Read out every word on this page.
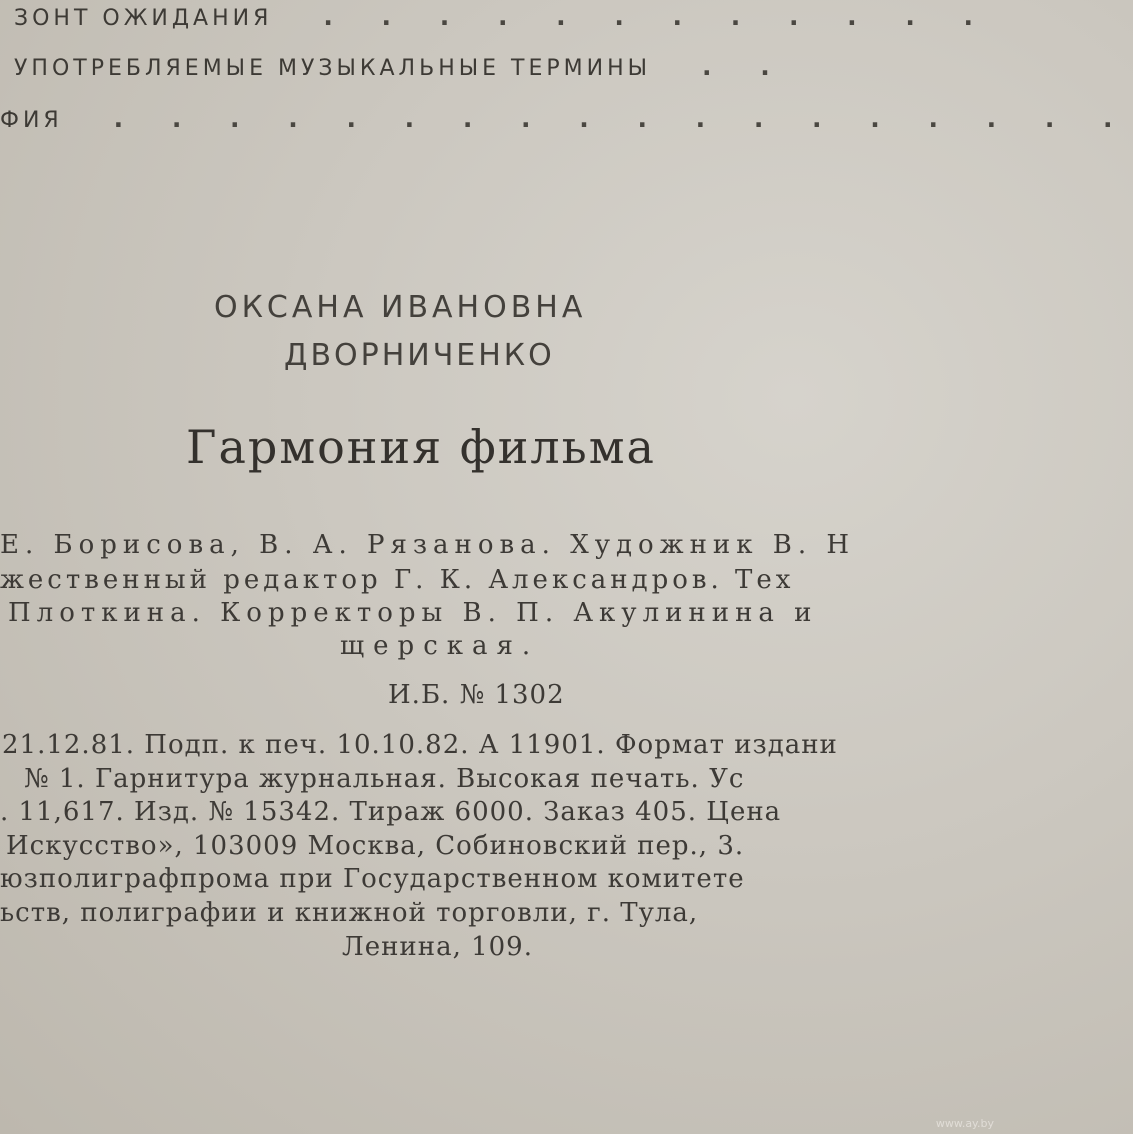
ЗОНТ ОЖИДАНИЯ . . . . . . . . . . . .
УПОТРЕБЛЯЕМЫЕ МУЗЫКАЛЬНЫЕ ТЕРМИНЫ . .
ФИЯ . . . . . . . . . . . . . . . . . .
ОКСАНА ИВАНОВНА
ДВОРНИЧЕНКО
Гармония фильма
Е. Борисова, В. А. Рязанова. Художник В. Н
жественный редактор Г. К. Александров. Тех
Плоткина. Корректоры В. П. Акулинина и
щерская.
И.Б. № 1302
21.12.81. Подп. к печ. 10.10.82. А 11901. Формат издани
№ 1. Гарнитура журнальная. Высокая печать. Ус
. 11,617. Изд. № 15342. Тираж 6000. Заказ 405. Цена
Искусство», 103009 Москва, Собиновский пер., 3.
юзполиграфпрома при Государственном комитете
ьств, полиграфии и книжной торговли, г. Тула,
Ленина, 109.
www.ay.by
